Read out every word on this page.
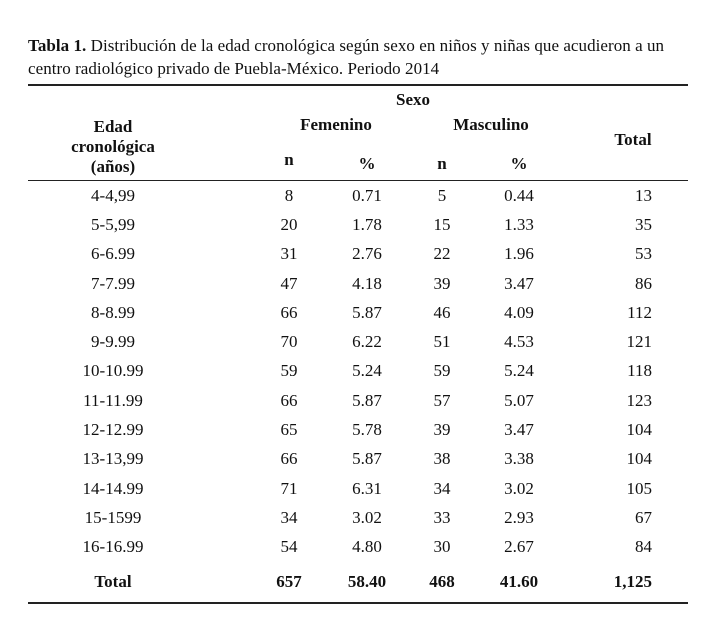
Tabla 1. Distribución de la edad cronológica según sexo en niños y niñas que acudieron a un centro radiológico privado de Puebla-México. Periodo 2014

Edad
cronológica
(años)	Sexo				Total
	Femenino		Masculino		
	n	%	n	%	

4-4,99	8	0.71	5	0.44	13
5-5,99	20	1.78	15	1.33	35
6-6.99	31	2.76	22	1.96	53
7-7.99	47	4.18	39	3.47	86
8-8.99	66	5.87	46	4.09	112
9-9.99	70	6.22	51	4.53	121
10-10.99	59	5.24	59	5.24	118
11-11.99	66	5.87	57	5.07	123
12-12.99	65	5.78	39	3.47	104
13-13,99	66	5.87	38	3.38	104
14-14.99	71	6.31	34	3.02	105
15-1599	34	3.02	33	2.93	67
16-16.99	54	4.80	30	2.67	84
Total	657	58.40	468	41.60	1,125
